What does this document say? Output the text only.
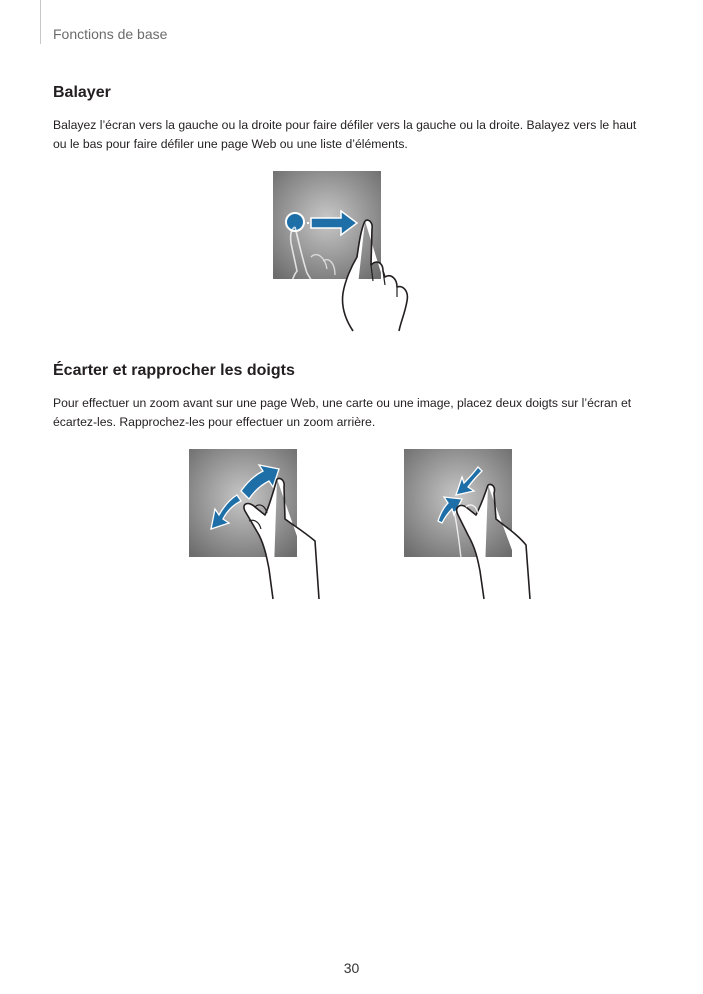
Fonctions de base
Balayer
Balayez l’écran vers la gauche ou la droite pour faire défiler vers la gauche ou la droite. Balayez vers le haut ou le bas pour faire défiler une page Web ou une liste d’éléments.
Écarter et rapprocher les doigts
Pour effectuer un zoom avant sur une page Web, une carte ou une image, placez deux doigts sur l’écran et écartez-les. Rapprochez-les pour effectuer un zoom arrière.
30
